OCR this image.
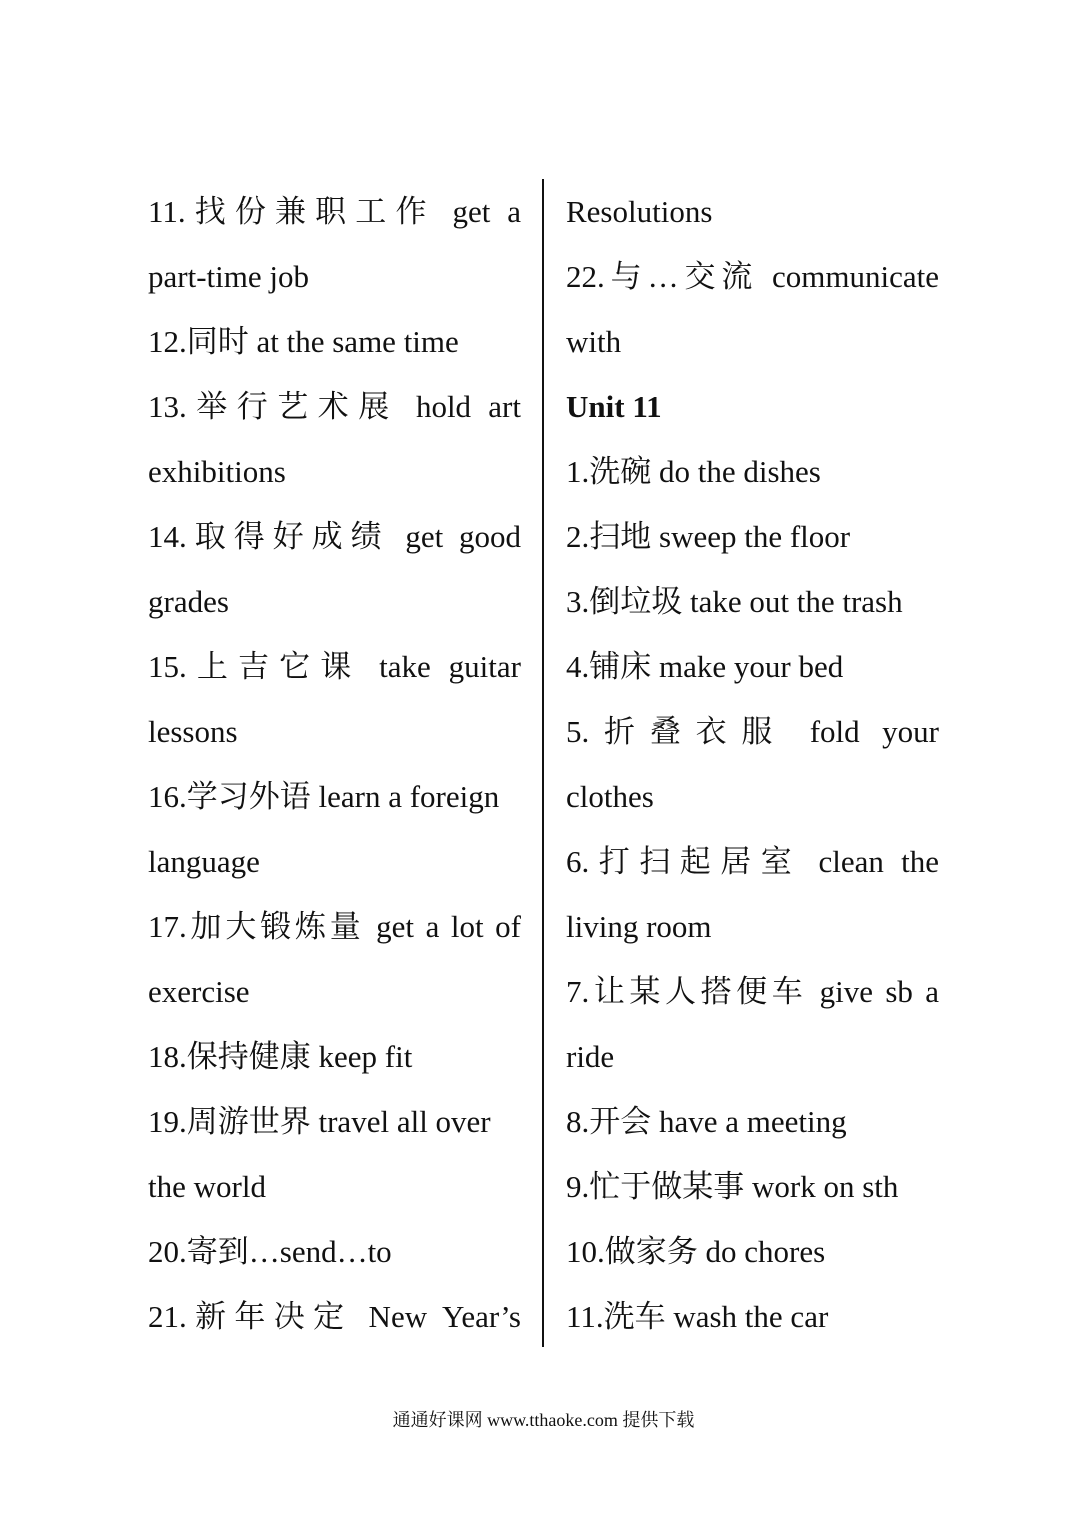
11.找份兼职工作 get a
part-time job
12.同时 at the same time
13.举行艺术展 hold art
exhibitions
14.取得好成绩 get good
grades
15.上吉它课 take guitar
lessons
16.学习外语 learn a foreign
language
17.加大锻炼量 get a lot of
exercise
18.保持健康 keep fit
19.周游世界 travel all over
the world
20.寄到…send…to
21.新年决定 New Year’s
Resolutions
22.与…交流 communicate
with
Unit 11
1.洗碗 do the dishes
2.扫地 sweep the floor
3.倒垃圾 take out the trash
4.铺床 make your bed
5.折叠衣服 fold your
clothes
6.打扫起居室 clean the
living room
7.让某人搭便车 give sb a
ride
8.开会 have a meeting
9.忙于做某事 work on sth
10.做家务 do chores
11.洗车 wash the car
通通好课网 www.tthaoke.com 提供下载
